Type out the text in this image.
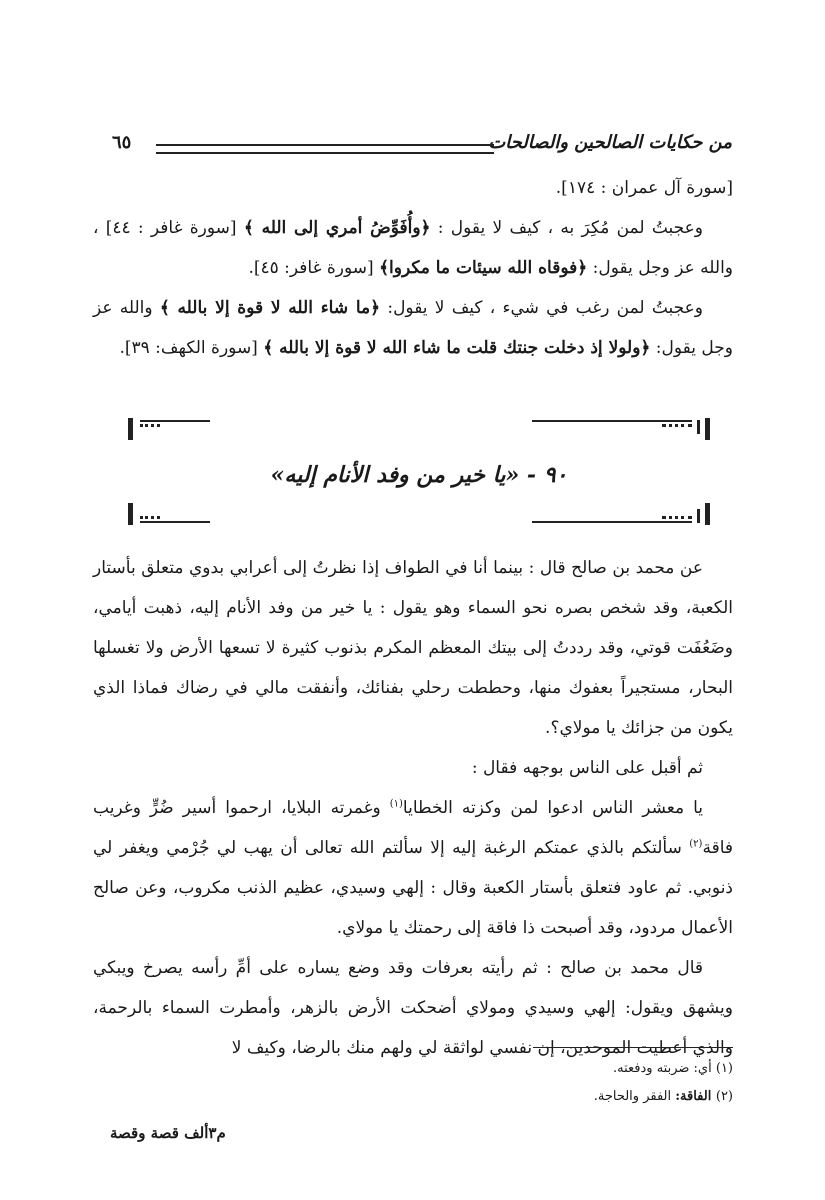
من حكايات الصالحين والصالحات
٦٥

[سورة آل عمران : ١٧٤].

وعجبتُ لمن مُكِرَ به ، كيف لا يقول : ﴿وأُفَوِّضُ أمري إلى الله ﴾ [سورة غافر : ٤٤] ، والله عز وجل يقول: ﴿فوقاه الله سيئات ما مكروا﴾ [سورة غافر: ٤٥].

وعجبتُ لمن رغب في شيء ، كيف لا يقول: ﴿ما شاء الله لا قوة إلا بالله ﴾ والله عز وجل يقول: ﴿ولولا إذ دخلت جنتك قلت ما شاء الله لا قوة إلا بالله ﴾ [سورة الكهف: ٣٩].

٩٠ - «يا خير من وفد الأنام إليه»

عن محمد بن صالح قال : بينما أنا في الطواف إذا نظرتُ إلى أعرابي بدوي متعلق بأستار الكعبة، وقد شخص بصره نحو السماء وهو يقول : يا خير من وفد الأنام إليه، ذهبت أيامي، وضَعُفَت قوتي، وقد رددتُ إلى بيتك المعظم المكرم بذنوب كثيرة لا تسعها الأرض ولا تغسلها البحار، مستجيراً بعفوك منها، وحططت رحلي بفنائك، وأنفقت مالي في رضاك فماذا الذي يكون من جزائك يا مولاي؟.

ثم أقبل على الناس بوجهه فقال :

يا معشر الناس ادعوا لمن وكزته الخطايا$^{(١)}$ وغمرته البلايا، ارحموا أسير ضُرٍّ وغريب فاقة$^{(٢)}$ سألتكم بالذي عمتكم الرغبة إليه إلا سألتم الله تعالى أن يهب لي جُرْمي ويغفر لي ذنوبي. ثم عاود فتعلق بأستار الكعبة وقال : إلهي وسيدي، عظيم الذنب مكروب، وعن صالح الأعمال مردود، وقد أصبحت ذا فاقة إلى رحمتك يا مولاي.

قال محمد بن صالح : ثم رأيته بعرفات وقد وضع يساره على أمِّ رأسه يصرخ ويبكي ويشهق ويقول: إلهي وسيدي ومولاي أضحكت الأرض بالزهر، وأمطرت السماء بالرحمة، والذي أعطيت الموحدين، إن نفسي لواثقة لي ولهم منك بالرضا، وكيف لا

(١) أي: ضربته ودفعته.
(٢) الفاقة: الفقر والحاجة.
م٣ألف قصة وقصة
